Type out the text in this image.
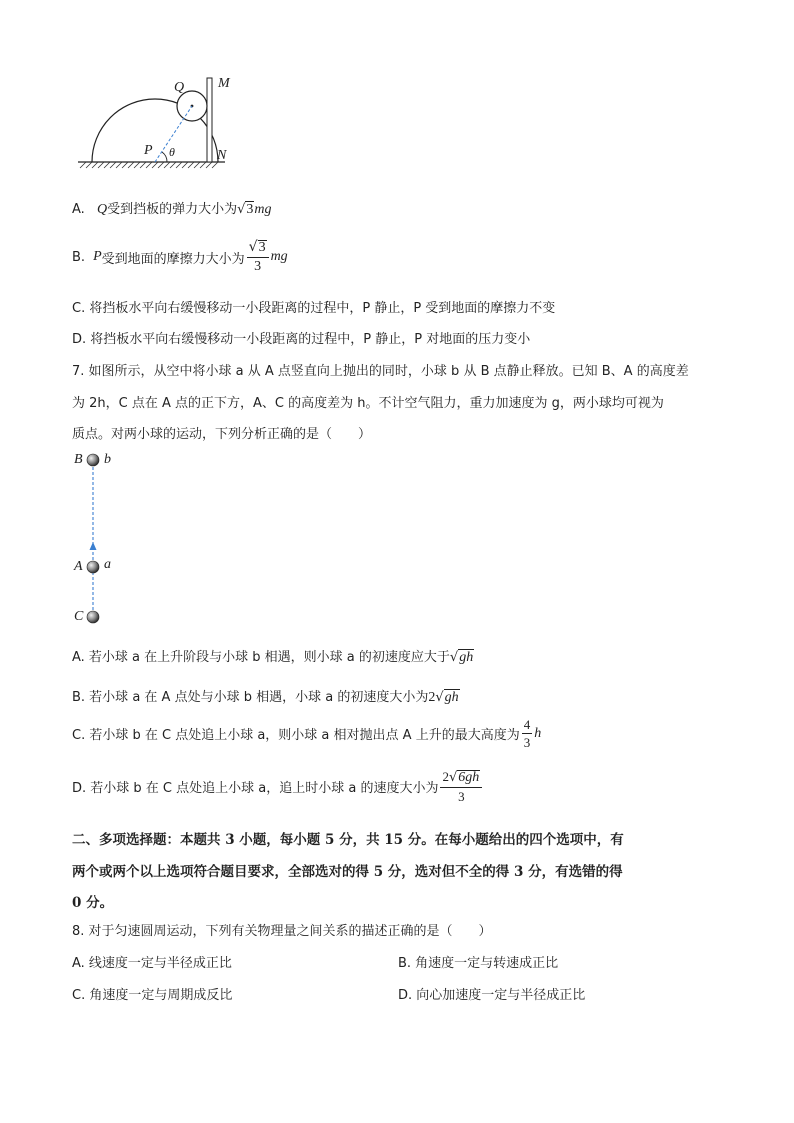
Q M
P θ	N
A. Q受到挡板的弹力大小为√3mg
B. P 受到地面的摩擦力大小为 $\frac{√3}{3}$ mg
C. 将挡板水平向右缓慢移动一小段距离的过程中，P 静止，P 受到地面的摩擦力不变
D. 将挡板水平向右缓慢移动一小段距离的过程中，P 静止，P 对地面的压力变小
7. 如图所示，从空中将小球 a 从 A 点竖直向上抛出的同时，小球 b 从 B 点静止释放。已知 B、A 的高度差
为 2h，C 点在 A 点的正下方，A、C 的高度差为 h。不计空气阻力，重力加速度为 g，两小球均可视为
质点。对两小球的运动，下列分析正确的是（　　）
B b
A a
C
A. 若小球 a 在上升阶段与小球 b 相遇，则小球 a 的初速度应大于√gh
B. 若小球 a 在 A 点处与小球 b 相遇，小球 a 的初速度大小为2√gh
C. 若小球 b 在 C 点处追上小球 a，则小球 a 相对抛出点 A 上升的最大高度为 $\frac{4}{3}$ h
D. 若小球 b 在 C 点处追上小球 a，追上时小球 a 的速度大小为 $\frac{2√6gh}{3}$
二、多项选择题：本题共 3 小题，每小题 5 分，共 15 分。在每小题给出的四个选项中，有
两个或两个以上选项符合题目要求，全部选对的得 5 分，选对但不全的得 3 分，有选错的得
0 分。
8. 对于匀速圆周运动，下列有关物理量之间关系的描述正确的是（　　）
A. 线速度一定与半径成正比	B. 角速度一定与转速成正比
C. 角速度一定与周期成反比	D. 向心加速度一定与半径成正比
